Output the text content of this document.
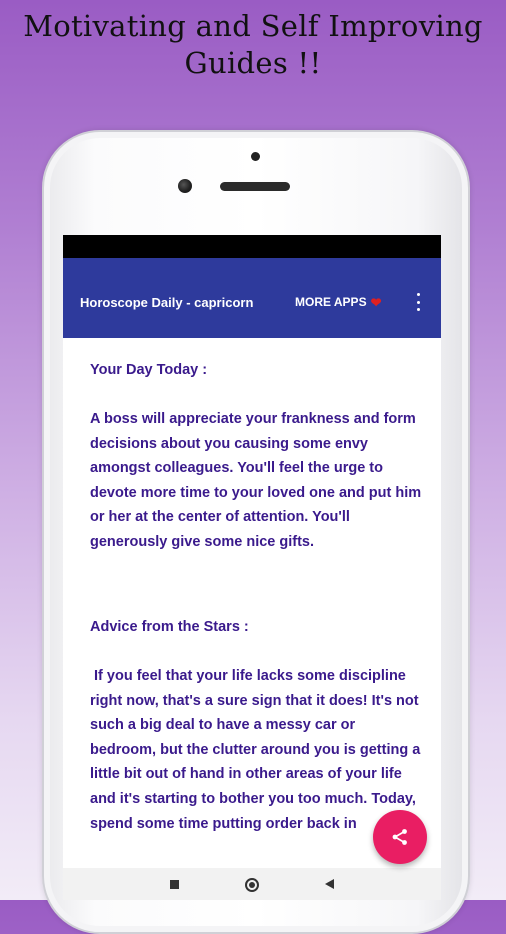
Motivating and Self Improving
Guides !!
Horoscope Daily - capricorn	MORE APPS ❤
Your Day Today :
A boss will appreciate your frankness and form decisions about you causing some envy amongst colleagues. You'll feel the urge to devote more time to your loved one and put him or her at the center of attention. You'll generously give some nice gifts.
Advice from the Stars :
If you feel that your life lacks some discipline right now, that's a sure sign that it does! It's not such a big deal to have a messy car or bedroom, but the clutter around you is getting a little bit out of hand in other areas of your life and it's starting to bother you too much. Today, spend some time putting order back in
